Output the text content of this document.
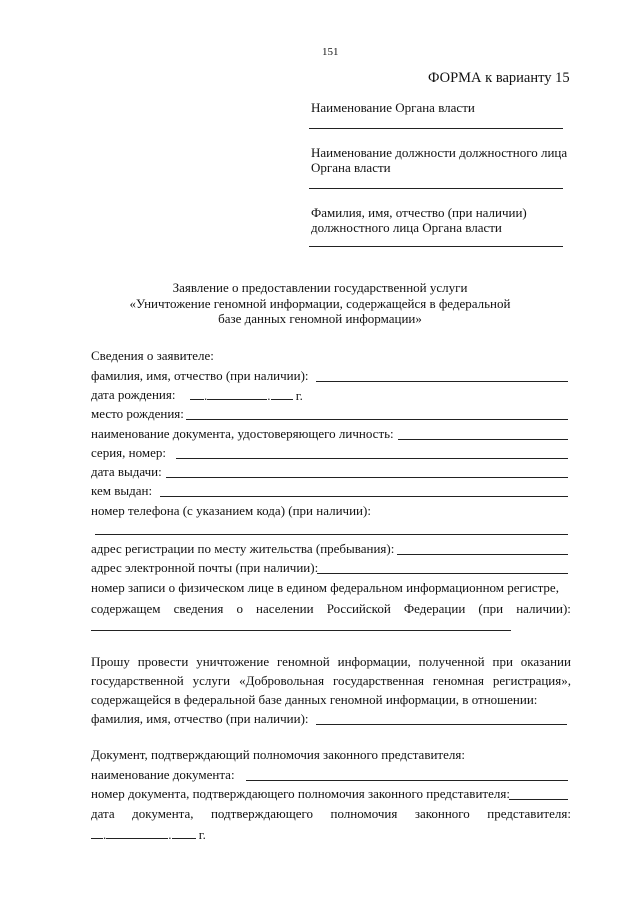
151
ФОРМА к варианту 15
Наименование Органа власти
Наименование должности должностного лица
Органа власти
Фамилия, имя, отчество (при наличии)
должностного лица Органа власти
Заявление о предоставлении государственной услуги
«Уничтожение геномной информации, содержащейся в федеральной
базе данных геномной информации»
Сведения о заявителе:
фамилия, имя, отчество (при наличии):
дата рождения:	.	. г.
место рождения:
наименование документа, удостоверяющего личность:
серия, номер:
дата выдачи:
кем выдан:
номер телефона (с указанием кода) (при наличии):
адрес регистрации по месту жительства (пребывания):
адрес электронной почты (при наличии):
номер записи о физическом лице в едином федеральном информационном регистре,
содержащем сведения о населении Российской Федерации (при наличии):
Прошу провести уничтожение геномной информации, полученной при оказании
государственной услуги «Добровольная государственная геномная регистрация»,
содержащейся в федеральной базе данных геномной информации, в отношении:
фамилия, имя, отчество (при наличии):
Документ, подтверждающий полномочия законного представителя:
наименование документа:
номер документа, подтверждающего полномочия законного представителя:
дата документа, подтверждающего полномочия законного представителя:
.	. г.
